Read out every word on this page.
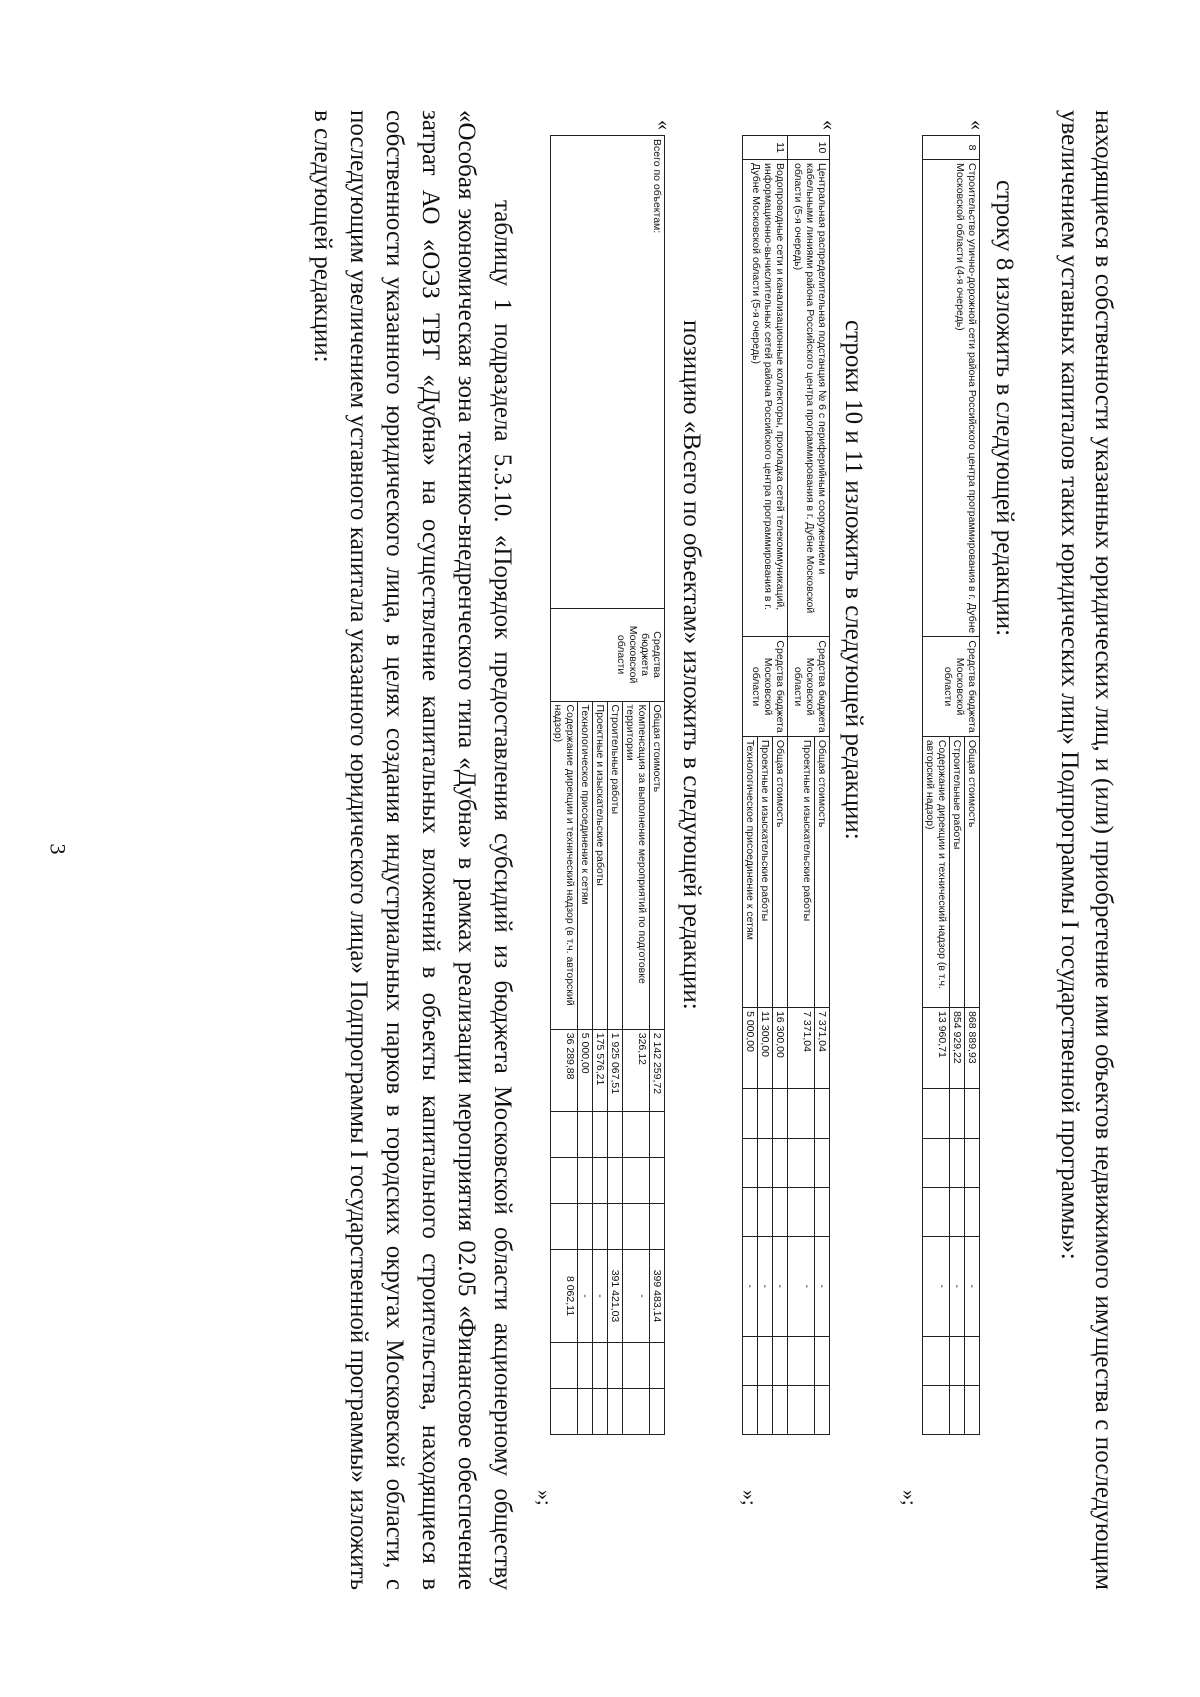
3	находящиеся в собственности указанных юридических лиц, и (или) приобретение ими объектов недвижимого имущества с последующим увеличением уставных капиталов таких юридических лиц» Подпрограммы I государственной программы»:
строку 8 изложить в следующей редакции:
«
8	Строительство улично-дорожной сети района Российского центра программирования в г. Дубне Московской области (4-я очередь)	Средства бюджета Московской области	Общая стоимость	868 889,93				-		
			Строительные работы	854 929,22				-		
			Содержание дирекции и технический надзор (в т.ч. авторский надзор)	13 960,71				-		
»;
строки 10 и 11 изложить в следующей редакции:
«
10	Центральная распределительная подстанция № 6 с периферийным сооружением и кабельными линиями района Российского центра программирования в г. Дубне Московской области (5-я очередь)	Средства бюджета Московской области	Общая стоимость	7 371,04				-		
			Проектные и изыскательские работы	7 371,04				-		
11	Водопроводные сети и канализационные коллекторы, прокладка сетей телекоммуникаций, информационно-вычислительных сетей района Российского центра программирования в г. Дубне Московской области (5-я очередь)	Средства бюджета Московской области	Общая стоимость	16 300,00				-		
			Проектные и изыскательские работы	11 300,00				-		
			Технологическое присоединение к сетям	5 000,00				-		
»;
позицию «Всего по объектам» изложить в следующей редакции:
«
Всего по объектам:	Средства бюджета Московской области	Общая стоимость	2 142 259,72				399 483,14		
		Компенсация за выполнение мероприятий по подготовке территории	326,12				-		
		Строительные работы	1 925 067,51				391 421,03		
		Проектные и изыскательские работы	175 576,21				-		
		Технологическое присоединение к сетям	5 000,00				-		
		Содержание дирекции и технический надзор (в т.ч. авторский надзор)	36 289,88				8 062,11		
»;
таблицу 1 подраздела 5.3.10. «Порядок предоставления субсидий из бюджета Московской области акционерному обществу «Особая экономическая зона технико-внедренческого типа «Дубна» в рамках реализации мероприятия 02.05 «Финансовое обеспечение затрат АО «ОЭЗ ТВТ «Дубна» на осуществление капитальных вложений в объекты капитального строительства, находящиеся в собственности указанного юридического лица, в целях создания индустриальных парков в городских округах Московской области, с последующим увеличением уставного капитала указанного юридического лица» Подпрограммы I государственной программы» изложить в следующей редакции:
